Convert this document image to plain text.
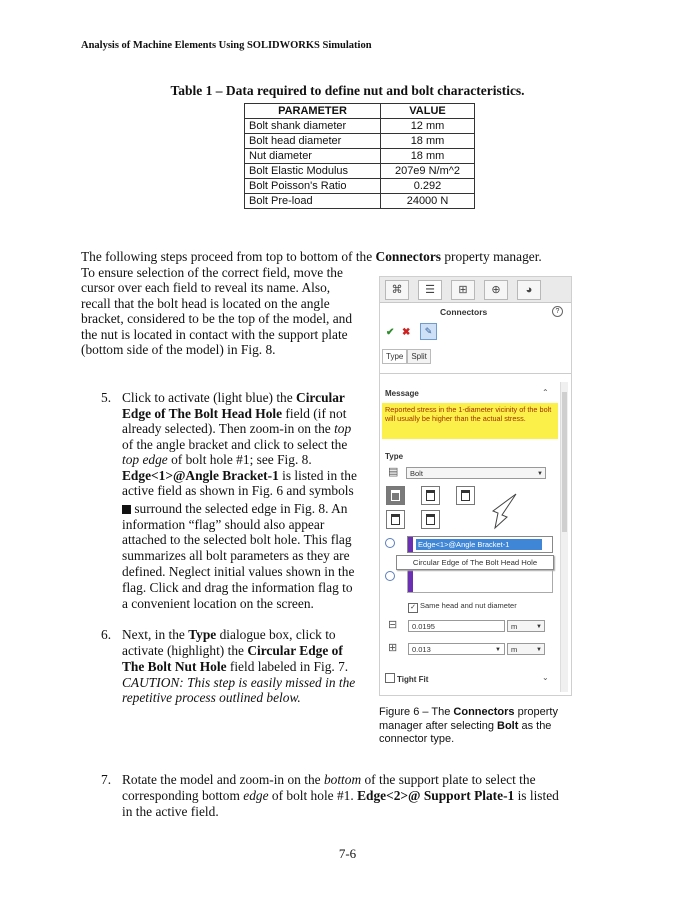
Analysis of Machine Elements Using SOLIDWORKS Simulation
Table 1 – Data required to define nut and bolt characteristics.
PARAMETER	VALUE
Bolt shank diameter	12 mm
Bolt head diameter	18 mm
Nut diameter	18 mm
Bolt Elastic Modulus	207e9 N/m^2
Bolt Poisson's Ratio	0.292
Bolt Pre-load	24000 N
The following steps proceed from top to bottom of the Connectors property manager.
To ensure selection of the correct field, move the
cursor over each field to reveal its name. Also,
recall that the bolt head is located on the angle
bracket, considered to be the top of the model, and
the nut is located in contact with the support plate
(bottom side of the model) in Fig. 8.
5. Click to activate (light blue) the Circular
Edge of The Bolt Head Hole field (if not
already selected). Then zoom-in on the top
of the angle bracket and click to select the
top edge of bolt hole #1; see Fig. 8.
Edge<1>@Angle Bracket-1 is listed in the
active field as shown in Fig. 6 and symbols
surround the selected edge in Fig. 8. An
information “flag” should also appear
attached to the selected bolt hole. This flag
summarizes all bolt parameters as they are
defined. Neglect initial values shown in the
flag. Click and drag the information flag to
a convenient location on the screen.
6. Next, in the Type dialogue box, click to
activate (highlight) the Circular Edge of
The Bolt Nut Hole field labeled in Fig. 7.
CAUTION: This step is easily missed in the
repetitive process outlined below.
⌘	☰	⊞	⊕	◕
Connectors	?
✔ ✖	✎
Type Split
Message	⌃
Reported stress in the 1-diameter vicinity of the bolt will usually be higher than the actual stress.
Type
▤	Bolt	▼
Edge<1>@Angle Bracket-1
Circular Edge of The Bolt Head Hole
✓ Same head and nut diameter
⊟	0.0195	m	▼
⊞	0.013	▼	m	▼
Tight Fit	⌄
Figure 6 – The Connectors property manager after selecting Bolt as the connector type.
7. Rotate the model and zoom-in on the bottom of the support plate to select the
corresponding bottom edge of bolt hole #1. Edge<2>@ Support Plate-1 is listed
in the active field.
7-6
